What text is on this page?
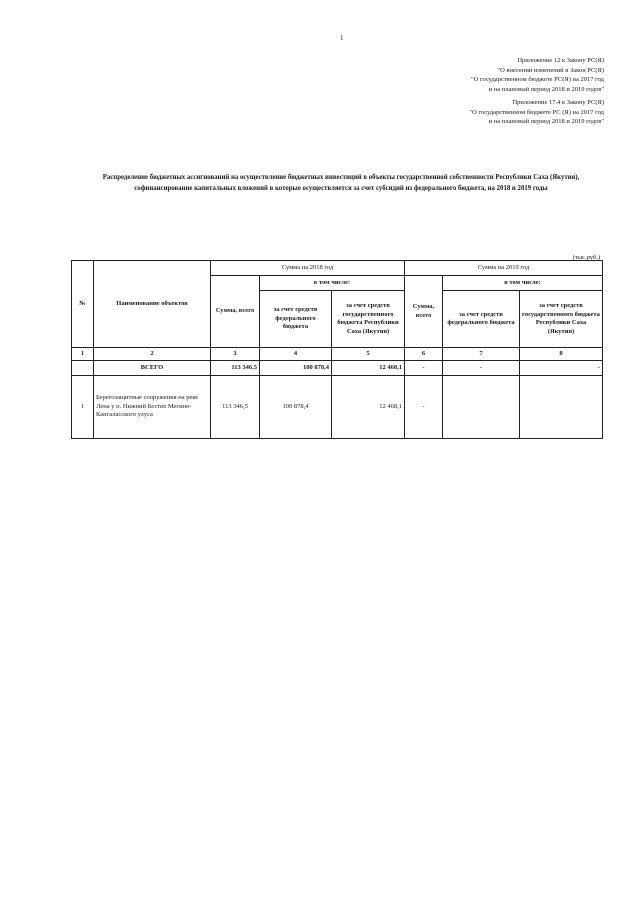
1
Приложение 12 к Закону РС(Я)
"О внесении изменений в Закон РС(Я)
"О государственном бюджете РС(Я) на 2017 год
и на плановый период 2018 и 2019 годов"
Приложение 17.4 к Закону РС(Я)
"О государственном бюджете РС (Я) на 2017 год
и на плановый период 2018 и 2019 годов"
Распределение бюджетных ассигнований на осуществление бюджетных инвестиций в объекты государственной собственности Республики Саха (Якутия), софинансирование капитальных вложений в которые осуществляется за счет субсидий из федерального бюджета, на 2018 и 2019 годы
(тыс.руб.)
№	Наименование объектов	Сумма на 2018 год			Сумма на 2019 год		
		Сумма, всего	в том числе:		Сумма, всего	в том числе:	
			за счет средств федерального бюджета	за счет средств государственного бюджета Республики Саха (Якутия)		за счет средств федерального бюджета	за счет средств государственного бюджета Республики Саха (Якутия)
1	2	3	4	5	6	7	8
	ВСЕГО	113 346,5	100 878,4	12 468,1	-	-	-
1	Берегозащитные сооружения на реке Лена у п. Нижний Бестях Мегино-Кангаласского улуса	113 346,5	100 878,4	12 468,1	-		
